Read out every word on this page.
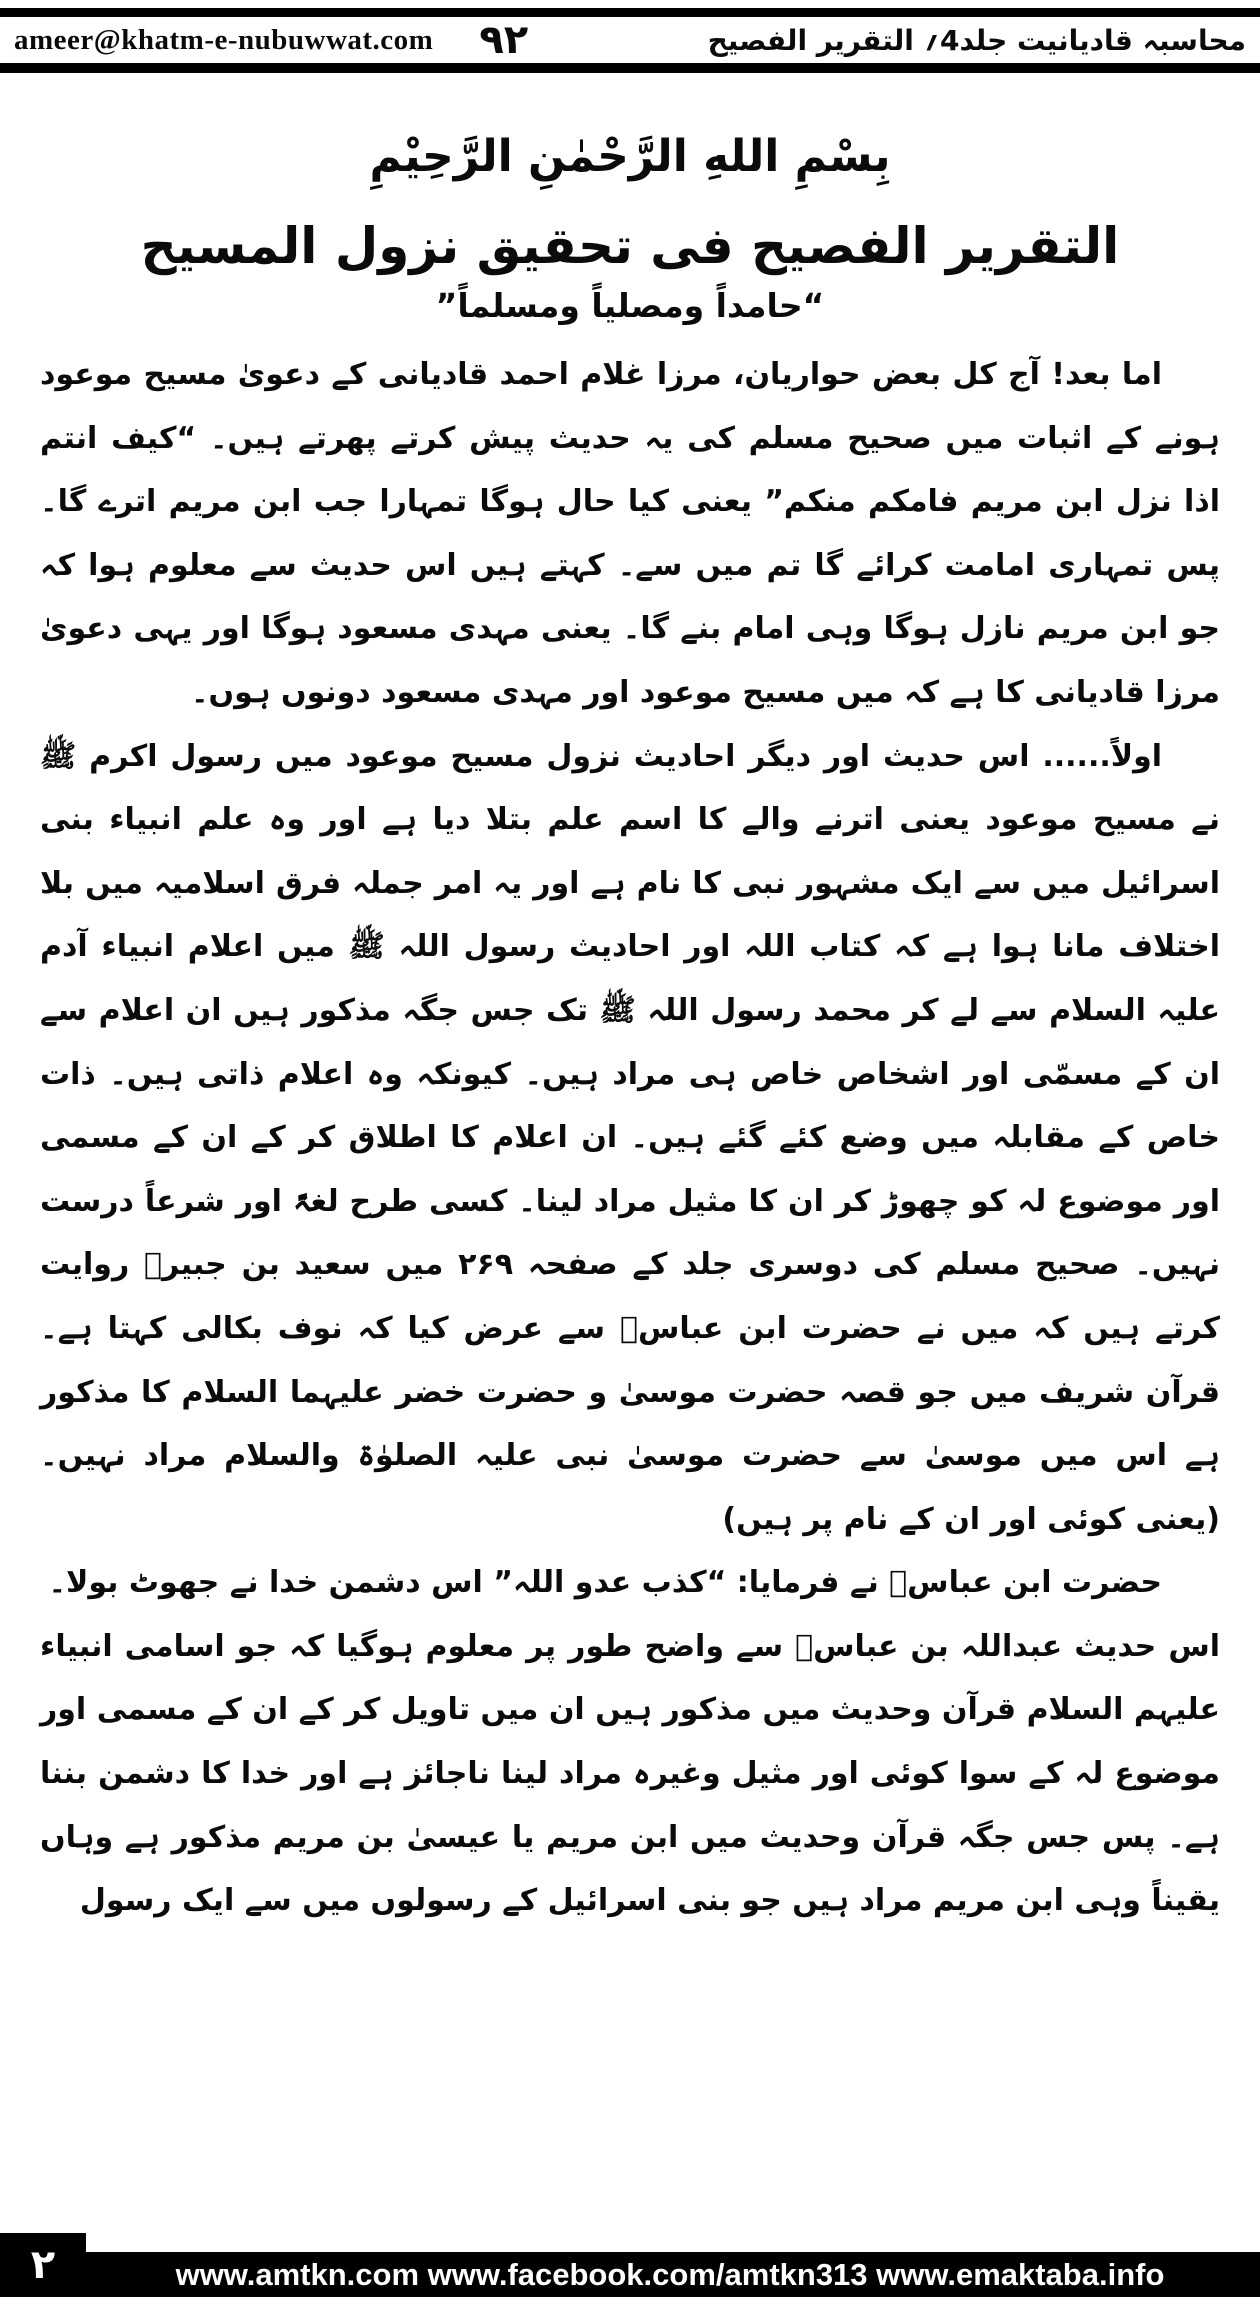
ameer@khatm-e-nubuwwat.com ۹۲	محاسبہ قادیانیت جلد4؍ التقریر الفصیح
بِسْمِ اللهِ الرَّحْمٰنِ الرَّحِيْمِ
التقریر الفصیح فی تحقیق نزول المسیح
“حامداً ومصلیاً ومسلماً”

اما بعد! آج کل بعض حواریان، مرزا غلام احمد قادیانی کے دعویٰ مسیح موعود ہونے کے اثبات میں صحیح مسلم کی یہ حدیث پیش کرتے پھرتے ہیں۔ “کیف انتم اذا نزل ابن مریم فامکم منکم” یعنی کیا حال ہوگا تمہارا جب ابن مریم اترے گا۔ پس تمہاری امامت کرائے گا تم میں سے۔ کہتے ہیں اس حدیث سے معلوم ہوا کہ جو ابن مریم نازل ہوگا وہی امام بنے گا۔ یعنی مہدی مسعود ہوگا اور یہی دعویٰ مرزا قادیانی کا ہے کہ میں مسیح موعود اور مہدی مسعود دونوں ہوں۔

اولاً...... اس حدیث اور دیگر احادیث نزول مسیح موعود میں رسول اکرم ﷺ نے مسیح موعود یعنی اترنے والے کا اسم علم بتلا دیا ہے اور وہ علم انبیاء بنی اسرائیل میں سے ایک مشہور نبی کا نام ہے اور یہ امر جملہ فرق اسلامیہ میں بلا اختلاف مانا ہوا ہے کہ کتاب اللہ اور احادیث رسول اللہ ﷺ میں اعلام انبیاء آدم علیہ السلام سے لے کر محمد رسول اللہ ﷺ تک جس جگہ مذکور ہیں ان اعلام سے ان کے مسمّی اور اشخاص خاص ہی مراد ہیں۔ کیونکہ وہ اعلام ذاتی ہیں۔ ذات خاص کے مقابلہ میں وضع کئے گئے ہیں۔ ان اعلام کا اطلاق کر کے ان کے مسمی اور موضوع لہ کو چھوڑ کر ان کا مثیل مراد لینا۔ کسی طرح لغۃً اور شرعاً درست نہیں۔ صحیح مسلم کی دوسری جلد کے صفحہ ۲۶۹ میں سعید بن جبیرؒ روایت کرتے ہیں کہ میں نے حضرت ابن عباسؓ سے عرض کیا کہ نوف بکالی کہتا ہے۔ قرآن شریف میں جو قصہ حضرت موسیٰ و حضرت خضر علیہما السلام کا مذکور ہے اس میں موسیٰ سے حضرت موسیٰ نبی علیہ الصلوٰۃ والسلام مراد نہیں۔ (یعنی کوئی اور ان کے نام پر ہیں)

حضرت ابن عباسؓ نے فرمایا: “کذب عدو اللہ” اس دشمن خدا نے جھوٹ بولا۔

اس حدیث عبداللہ بن عباسؓ سے واضح طور پر معلوم ہوگیا کہ جو اسامی انبیاء علیہم السلام قرآن وحدیث میں مذکور ہیں ان میں تاویل کر کے ان کے مسمی اور موضوع لہ کے سوا کوئی اور مثیل وغیرہ مراد لینا ناجائز ہے اور خدا کا دشمن بننا ہے۔ پس جس جگہ قرآن وحدیث میں ابن مریم یا عیسیٰ بن مریم مذکور ہے وہاں یقیناً وہی ابن مریم مراد ہیں جو بنی اسرائیل کے رسولوں میں سے ایک رسول

www.amtkn.com www.facebook.com/amtkn313 www.emaktaba.info
۲
